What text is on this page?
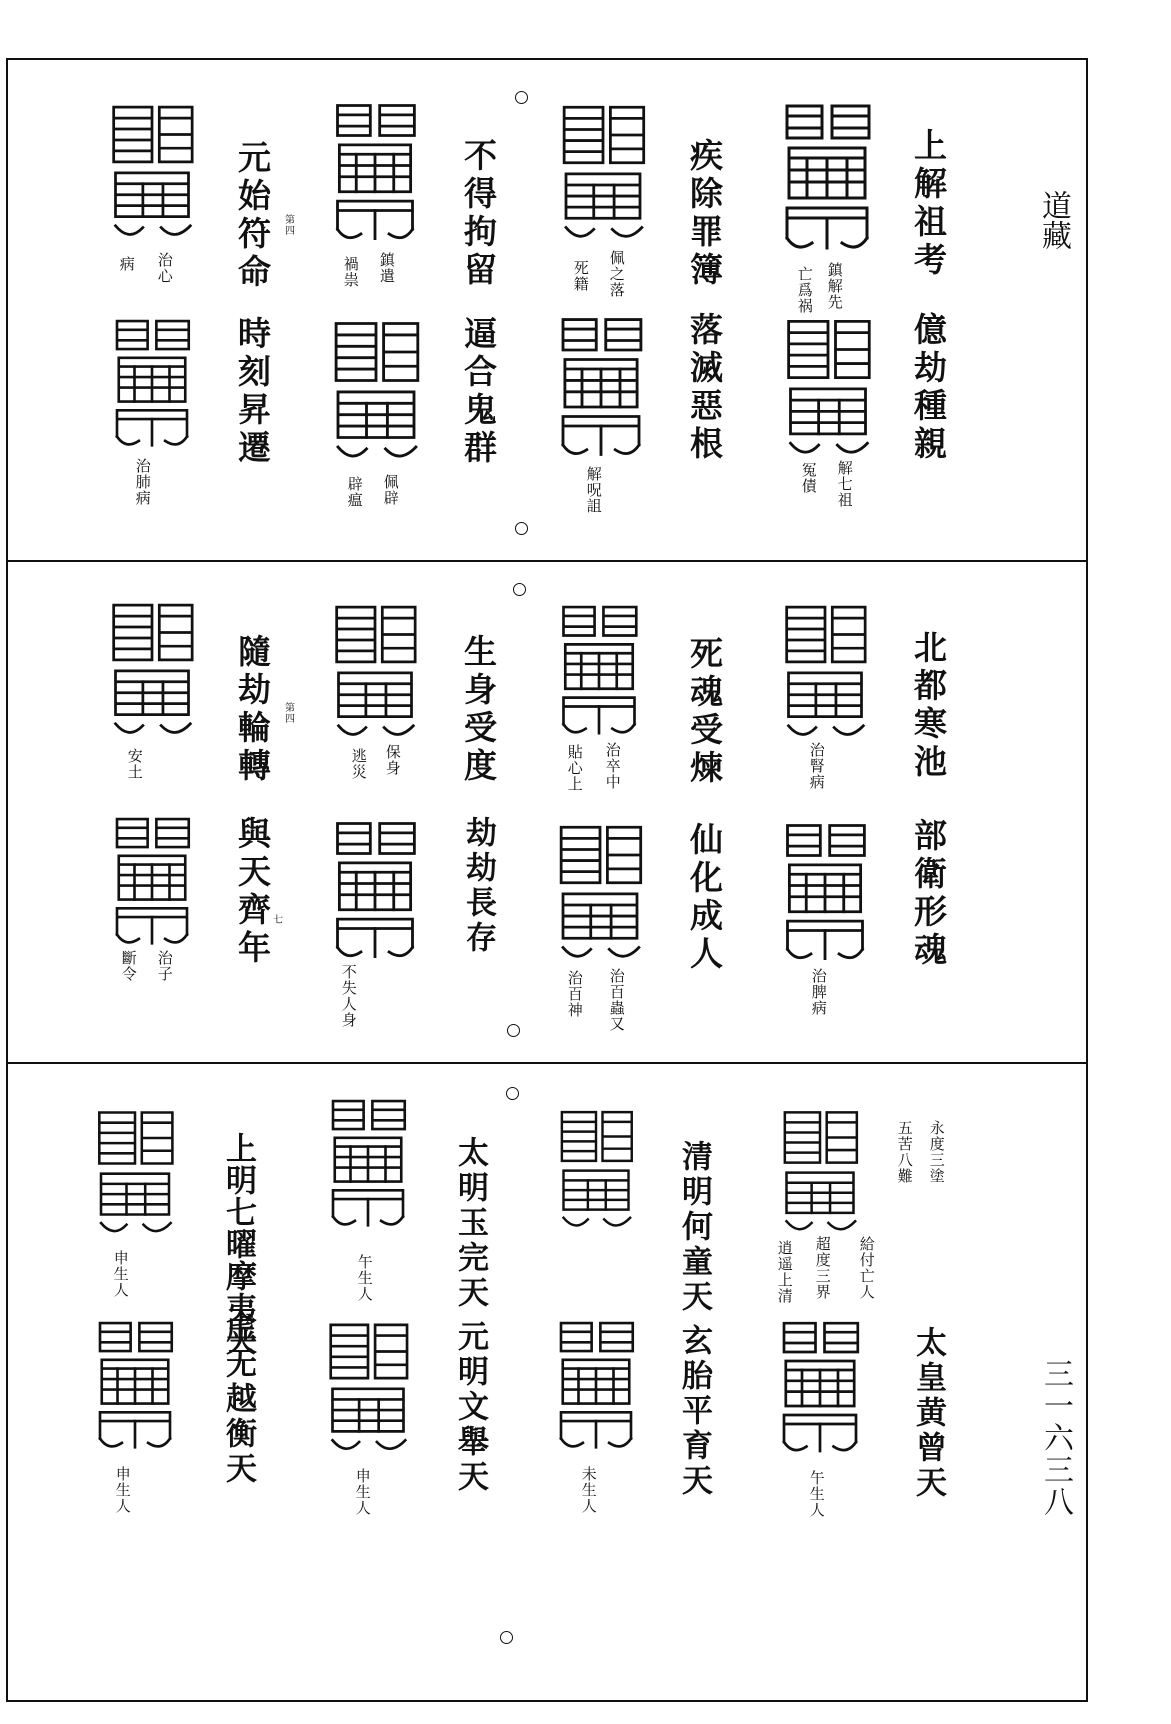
道藏
三一六三八
上解祖考
鎮解先
亡爲祸
億劫種親
解七祖
冤債
疾除罪簿
佩之落
死籍
落滅惡根
解呪詛
不得拘留
鎮遣
禍祟
逼合鬼群
佩辟
辟瘟
元始符命 第四
治心
病
時刻昇遷
治肺病
北都寒池
治腎病
部衛形魂
治脾病
死魂受煉
治卒中
貼心上
仙化成人
治百蟲又
治百神
生身受度
保身
逃災
劫劫長存
不失人身
隨劫輪轉 第四
安土
與天齊年
七
治子
斷令
永度三塗
五苦八難
給付亡人
超度三界
逍遥上清
太皇黄曾天
午生人
清明何童天
玄胎平育天
未生人
太明玉完天
午生人
元明文舉天
申生人
上明七曜摩夷天
申生人
虚无越衡天
申生人
